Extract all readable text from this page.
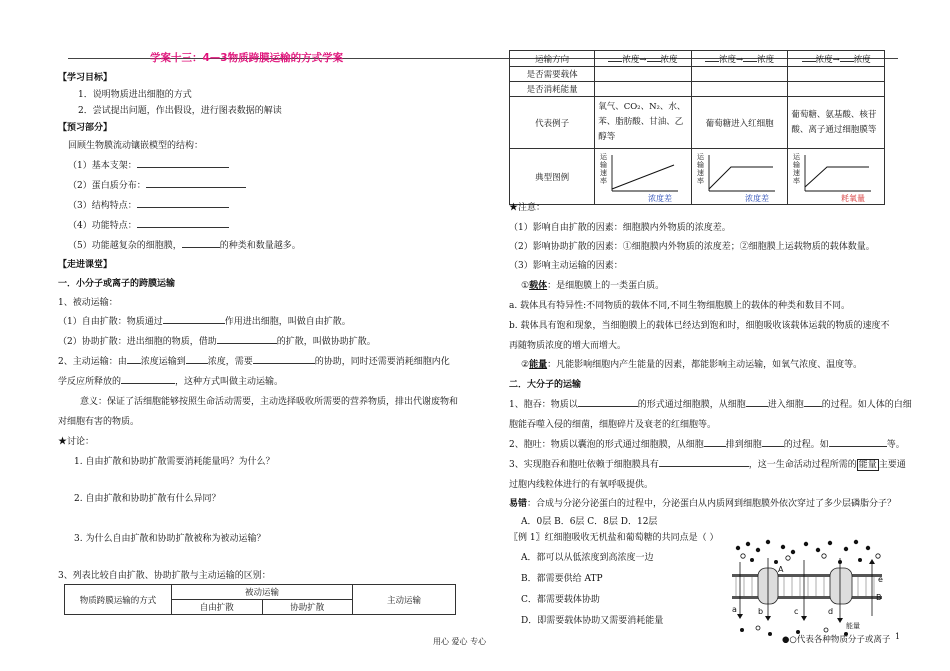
学案十三：4—3物质跨膜运输的方式学案
【学习目标】
1．说明物质进出细胞的方式
2．尝试提出问题，作出假设，进行图表数据的解读
【预习部分】
回顾生物膜流动镶嵌模型的结构：
（1）基本支架：
（2）蛋白质分布：
（3）结构特点：
（4）功能特点：
（5）功能越复杂的细胞膜，	的种类和数量越多。
【走进课堂】
一．小分子或离子的跨膜运输
1、被动运输：
（1）自由扩散：物质通过	作用进出细胞，叫做自由扩散。
（2）协助扩散：进出细胞的物质，借助	的扩散，叫做协助扩散。
2、主动运输：由 浓度运输到 浓度，需要	的协助，同时还需要消耗细胞内化
学反应所释放的	，这种方式叫做主动运输。
意义：保证了活细胞能够按照生命活动需要，主动选择吸收所需要的营养物质，排出代谢废物和
对细胞有害的物质。
★讨论：
1. 自由扩散和协助扩散需要消耗能量吗？为什么？
2. 自由扩散和协助扩散有什么异同？
3. 为什么自由扩散和协助扩散被称为被动运输？
3、列表比较自由扩散、协助扩散与主动运输的区别：
物质跨膜运输的方式	被动运输		主动运输
	自由扩散	协助扩散	
运输方向	浓度→ 浓度	浓度→ 浓度	浓度→ 浓度
是否需要载体			
是否消耗能量			
代表例子	氧气、CO₂、N₂、水、苯、脂肪酸、甘油、乙醇等	葡萄糖进入红细胞	葡萄糖、氨基酸、核苷酸、离子通过细胞膜等
典型图例	运
输
速
率
浓度差	运
输
速
率
浓度差	运
输
速
率
耗氧量
★注意：
（1）影响自由扩散的因素：细胞膜内外物质的浓度差。
（2）影响协助扩散的因素：①细胞膜内外物质的浓度差；②细胞膜上运载物质的载体数量。
（3）影响主动运输的因素：
①载体：是细胞膜上的一类蛋白质。
a. 载体具有特异性:不同物质的载体不同,不同生物细胞膜上的载体的种类和数目不同。
b. 载体具有饱和现象，当细胞膜上的载体已经达到饱和时，细胞吸收该载体运载的物质的速度不
再随物质浓度的增大而增大。
②能量：凡能影响细胞内产生能量的因素，都能影响主动运输，如氧气浓度、温度等。
二．大分子的运输
1、胞吞：物质以	的形式通过细胞膜，从细胞 进入细胞 的过程。如人体的白细
胞能吞噬入侵的细菌，细胞碎片及衰老的红细胞等。
2、胞吐：物质以囊泡的形式通过细胞膜，从细胞 排到细胞 的过程。如	等。
3、实现胞吞和胞吐依赖于细胞膜具有	，这一生命活动过程所需的 能量 主要通
过胞内线粒体进行的有氧呼吸提供。
易错：合成与分泌分泌蛋白的过程中，分泌蛋白从内质网到细胞膜外依次穿过了多少层磷脂分子？
A．0层 B．6层 C．8层 D．12层
〖例 1〗红细胞吸收无机盐和葡萄糖的共同点是（ ）
A．都可以从低浓度到高浓度一边
B．都需要供给 ATP
C．都需要载体协助
D．即需要载体协助又需要消耗能量
A
B
a	b	c	d
e
能量
●○代表各种物质分子或离子
用心 爱心 专心
1
